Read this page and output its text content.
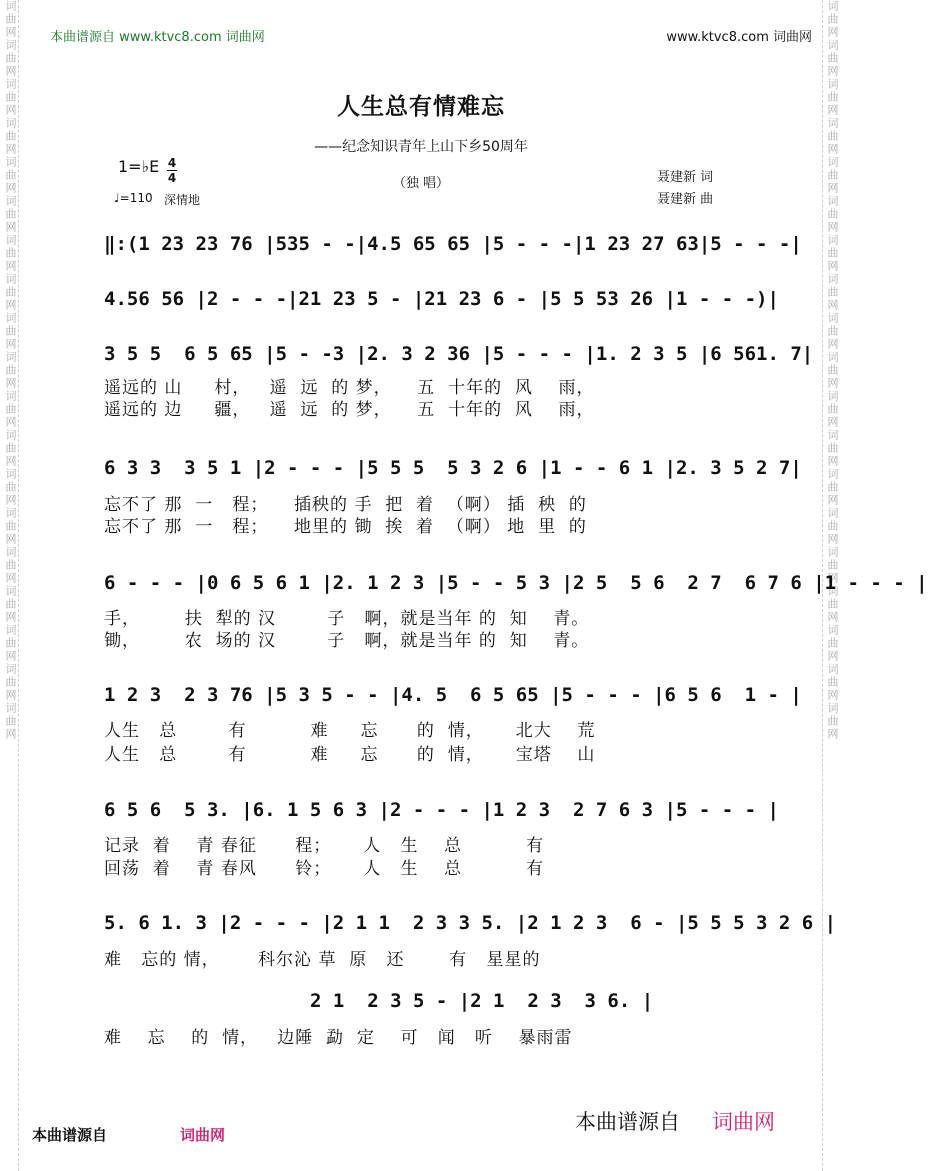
词曲网词曲网词曲网词曲网词曲网词曲网词曲网词曲网词曲网词曲网词曲网词曲网词曲网词曲网词曲网词曲网词曲网词曲网词曲网	词曲网词曲网词曲网词曲网词曲网词曲网词曲网词曲网词曲网词曲网词曲网词曲网词曲网词曲网词曲网词曲网词曲网词曲网词曲网
本曲谱源自 www.ktvc8.com 词曲网	www.ktvc8.com 词曲网
人生总有情难忘
——纪念知识青年上山下乡50周年
1=♭E 4
4
♩=110 深情地
（独 唱）	聂建新 词
聂建新 曲
‖:(1 23 23 76 |535 - -|4.5 65 65 |5 - - -|1 23 27 63|5 - - -|
4.56 56 |2 - - -|21 23 5 - |21 23 6 - |5 5 53 26 |1 - - -)|
3 5 5  6 5 65 |5 - -3 |2. 3 2 36 |5 - - - |1. 2 3 5 |6 561. 7|
遥远的 山     村，   遥  远  的 梦，    五  十年的  风    雨，
遥远的 边     疆，   遥  远  的 梦，    五  十年的  风    雨，
6 3 3  3 5 1 |2 - - - |5 5 5  5 3 2 6 |1 - - 6 1 |2. 3 5 2 7|
忘不了 那  一   程；    插秧的 手  把  着  （啊） 插  秧  的
忘不了 那  一   程；    地里的 锄  挨  着  （啊） 地  里  的
6 - - - |0 6 5 6 1 |2. 1 2 3 |5 - - 5 3 |2 5  5 6  2 7  6 7 6 |1 - - - |
手，       扶  犁的 汉        子   啊，就是当年 的  知    青。
锄，       农  场的 汉        子   啊，就是当年 的  知    青。
1 2 3  2 3 76 |5 3 5 - - |4. 5  6 5 65 |5 - - - |6 5 6  1 - |
人生   总        有          难     忘      的  情，     北大    荒
人生   总        有          难     忘      的  情，     宝塔    山
6 5 6  5 3. |6. 1 5 6 3 |2 - - - |1 2 3  2 7 6 3 |5 - - - |
记录  着    青 春征      程；     人   生    总          有
回荡  着    青 春风      铃；     人   生    总          有
5. 6 1. 3 |2 - - - |2 1 1  2 3 3 5. |2 1 2 3  6 - |5 5 5 3 2 6 |
难   忘的 情，      科尔沁 草  原   还       有   星星的
2 1  2 3 5 - |2 1  2 3  3 6. |
难    忘    的  情，   边陲  勐  定    可   闻   听    暴雨雷
本曲谱源自	词曲网
本曲谱源自 词曲网
